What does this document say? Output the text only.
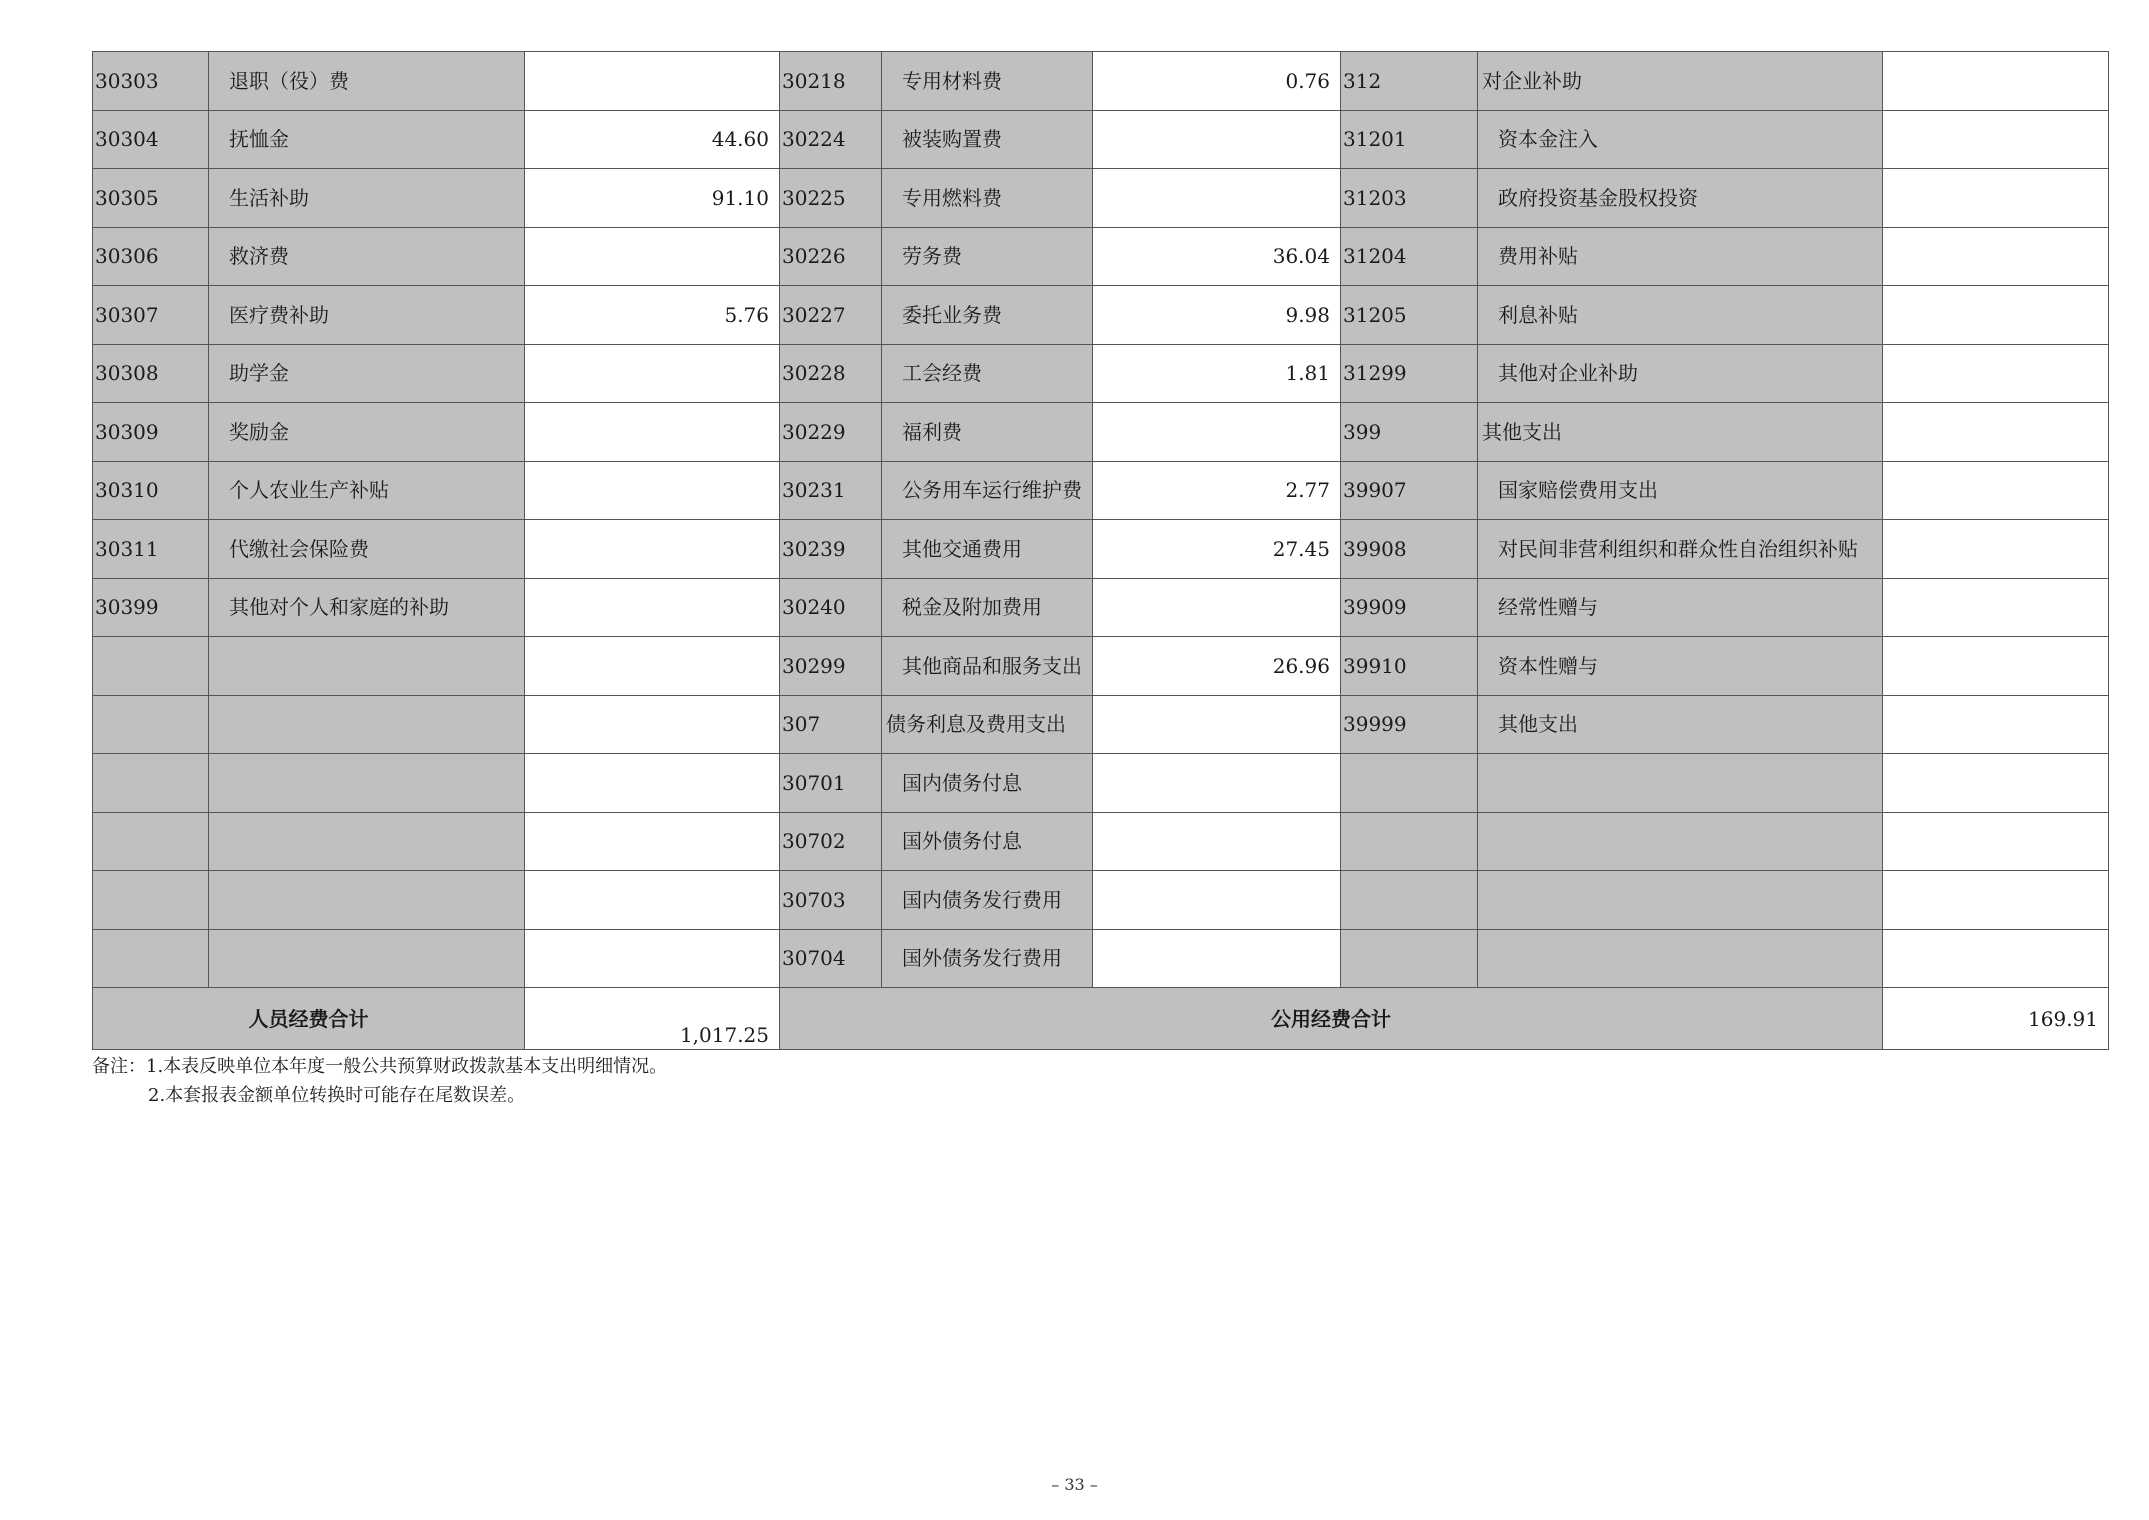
30303	退职（役）费		30218	专用材料费	0.76	312	对企业补助	
30304	抚恤金	44.60	30224	被装购置费		31201	资本金注入	
30305	生活补助	91.10	30225	专用燃料费		31203	政府投资基金股权投资	
30306	救济费		30226	劳务费	36.04	31204	费用补贴	
30307	医疗费补助	5.76	30227	委托业务费	9.98	31205	利息补贴	
30308	助学金		30228	工会经费	1.81	31299	其他对企业补助	
30309	奖励金		30229	福利费		399	其他支出	
30310	个人农业生产补贴		30231	公务用车运行维护费	2.77	39907	国家赔偿费用支出	
30311	代缴社会保险费		30239	其他交通费用	27.45	39908	对民间非营利组织和群众性自治组织补贴	
30399	其他对个人和家庭的补助		30240	税金及附加费用		39909	经常性赠与	
			30299	其他商品和服务支出	26.96	39910	资本性赠与	
			307	债务利息及费用支出		39999	其他支出	
			30701	国内债务付息				
			30702	国外债务付息				
			30703	国内债务发行费用				
			30704	国外债务发行费用				
人员经费合计		1,017.25	公用经费合计					169.91
备注：1.本表反映单位本年度一般公共预算财政拨款基本支出明细情况。
2.本套报表金额单位转换时可能存在尾数误差。
– 33 –
